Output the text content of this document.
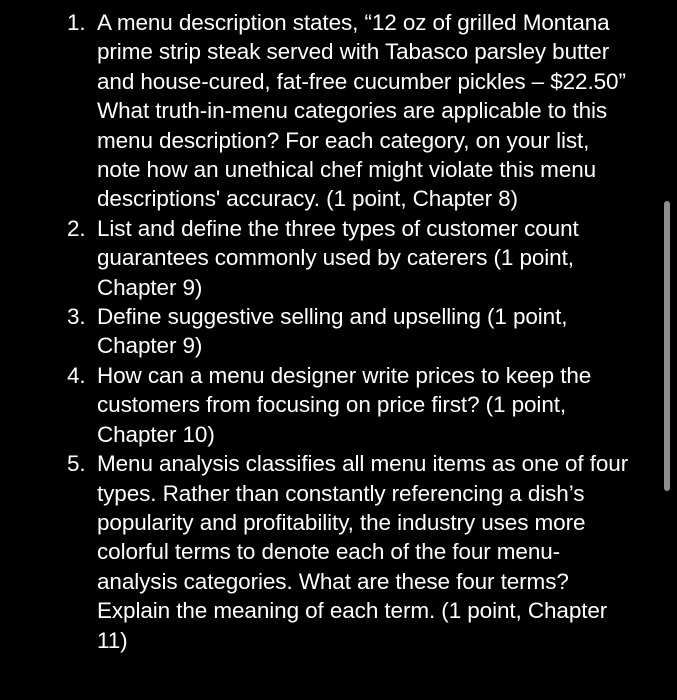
1. A menu description states, “12 oz of grilled Montana prime strip steak served with Tabasco parsley butter and house-cured, fat-free cucumber pickles – $22.50” What truth-in-menu categories are applicable to this menu description? For each category, on your list, note how an unethical chef might violate this menu descriptions' accuracy. (1 point, Chapter 8)
2. List and define the three types of customer count guarantees commonly used by caterers (1 point, Chapter 9)
3. Define suggestive selling and upselling (1 point, Chapter 9)
4. How can a menu designer write prices to keep the customers from focusing on price first? (1 point, Chapter 10)
5. Menu analysis classifies all menu items as one of four types. Rather than constantly referencing a dish’s popularity and profitability, the industry uses more colorful terms to denote each of the four menu-analysis categories. What are these four terms? Explain the meaning of each term. (1 point, Chapter 11)
